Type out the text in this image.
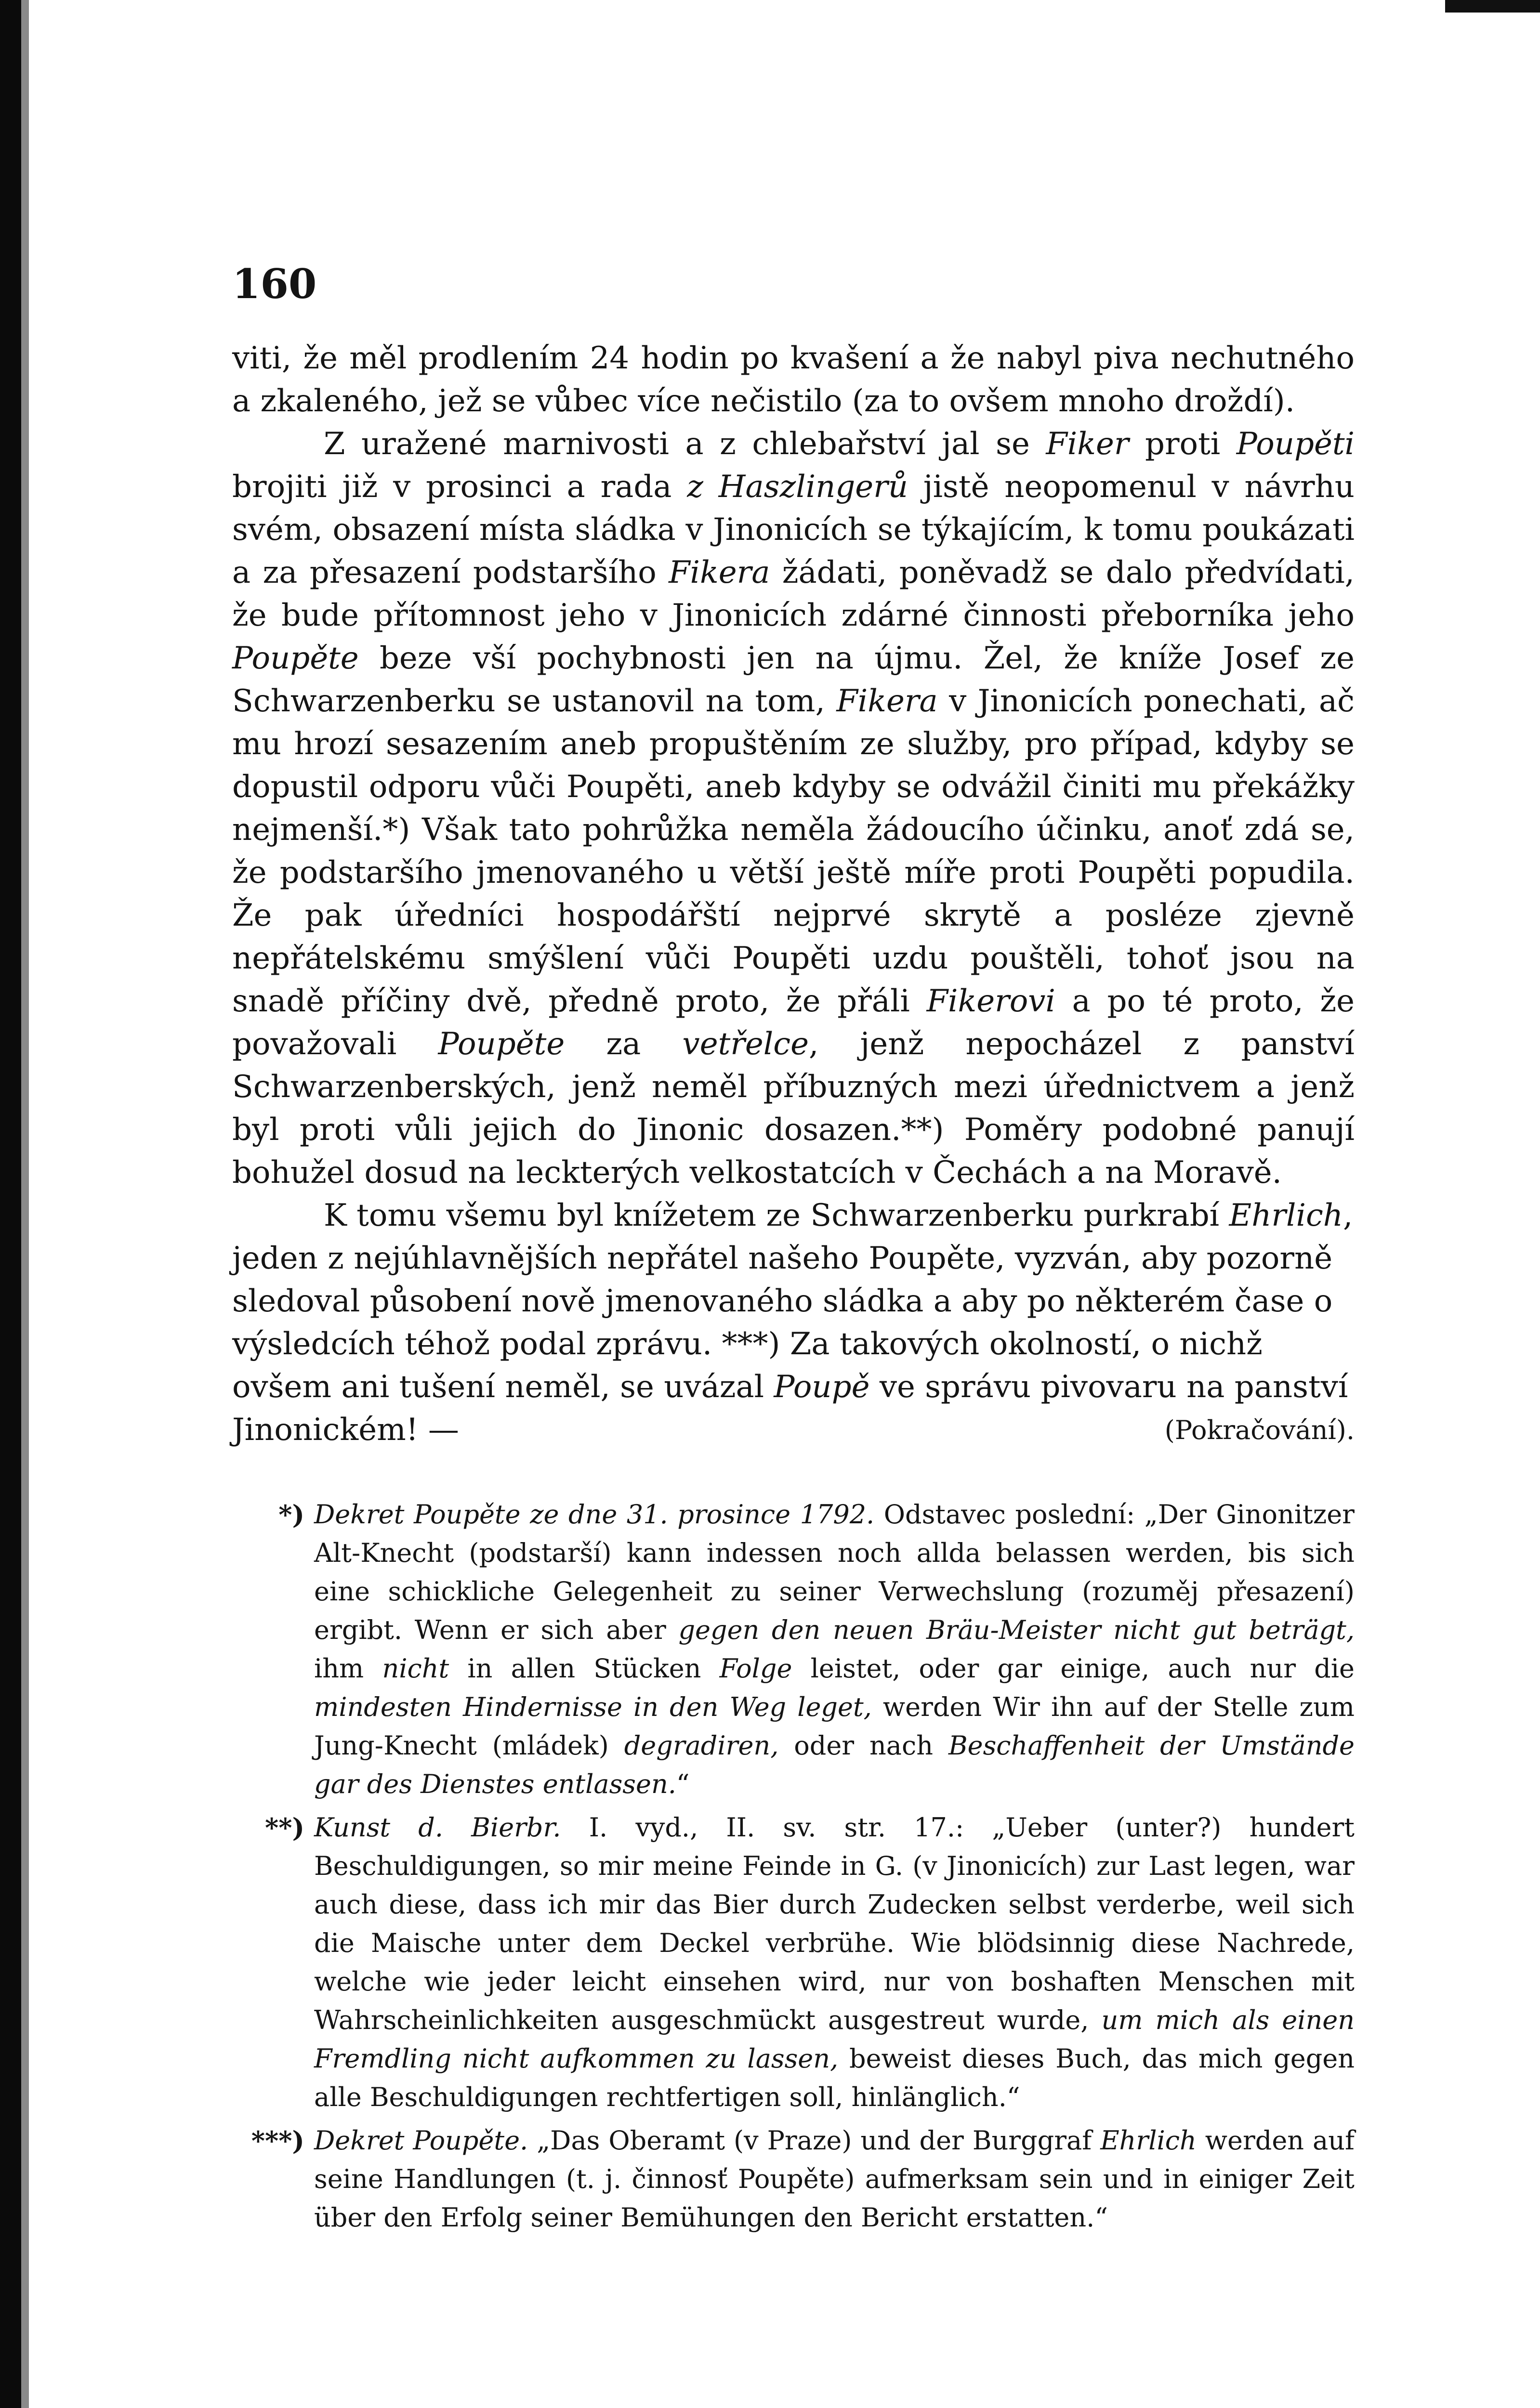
160

viti, že měl prodlením 24 hodin po kvašení a že nabyl piva nechutného a zkaleného, jež se vůbec více nečistilo (za to ovšem mnoho droždí).

Z uražené marnivosti a z chlebařství jal se Fiker proti Poupěti brojiti již v prosinci a rada z Haszlingerů jistě neopomenul v návrhu svém, obsazení místa sládka v Jinonicích se týkajícím, k tomu poukázati a za přesazení podstaršího Fikera žádati, poněvadž se dalo předvídati, že bude přítomnost jeho v Jinonicích zdárné činnosti přeborníka jeho Poupěte beze vší pochybnosti jen na újmu. Žel, že kníže Josef ze Schwarzenberku se ustanovil na tom, Fikera v Jinonicích ponechati, ač mu hrozí sesazením aneb propuštěním ze služby, pro případ, kdyby se dopustil odporu vůči Poupěti, aneb kdyby se odvážil činiti mu překážky nejmenší.*) Však tato pohrůžka neměla žádoucího účinku, anoť zdá se, že podstaršího jmenovaného u větší ještě míře proti Poupěti popudila. Že pak úředníci hospodářští nejprvé skrytě a posléze zjevně nepřátelskému smýšlení vůči Poupěti uzdu pouštěli, tohoť jsou na snadě příčiny dvě, předně proto, že přáli Fikerovi a po té proto, že považovali Poupěte za vetřelce, jenž nepocházel z panství Schwarzenberských, jenž neměl příbuzných mezi úřednictvem a jenž byl proti vůli jejich do Jinonic dosazen.**) Poměry podobné panují bohužel dosud na leckterých velkostatcích v Čechách a na Moravě.

K tomu všemu byl knížetem ze Schwarzenberku purkrabí Ehrlich, jeden z nejúhlavnějších nepřátel našeho Poupěte, vyzván, aby pozorně sledoval působení nově jmenovaného sládka a aby po některém čase o výsledcích téhož podal zprávu. ***) Za takových okolností, o nichž ovšem ani tušení neměl, se uvázal Poupě ve správu pivovaru na panství Jinonickém! —	(Pokračování).

*) Dekret Poupěte ze dne 31. prosince 1792. Odstavec poslední: „Der Ginonitzer Alt-Knecht (podstarší) kann indessen noch allda belassen werden, bis sich eine schickliche Gelegenheit zu seiner Verwechslung (rozuměj přesazení) ergibt. Wenn er sich aber gegen den neuen Bräu-Meister nicht gut beträgt, ihm nicht in allen Stücken Folge leistet, oder gar einige, auch nur die mindesten Hindernisse in den Weg leget, werden Wir ihn auf der Stelle zum Jung-Knecht (mládek) degradiren, oder nach Beschaffenheit der Umstände gar des Dienstes entlassen.“
**) Kunst d. Bierbr. I. vyd., II. sv. str. 17.: „Ueber (unter?) hundert Beschuldigungen, so mir meine Feinde in G. (v Jinonicích) zur Last legen, war auch diese, dass ich mir das Bier durch Zudecken selbst verderbe, weil sich die Maische unter dem Deckel verbrühe. Wie blödsinnig diese Nachrede, welche wie jeder leicht einsehen wird, nur von boshaften Menschen mit Wahrscheinlichkeiten ausgeschmückt ausgestreut wurde, um mich als einen Fremdling nicht aufkommen zu lassen, beweist dieses Buch, das mich gegen alle Beschuldigungen rechtfertigen soll, hinlänglich.“
***) Dekret Poupěte. „Das Oberamt (v Praze) und der Burggraf Ehrlich werden auf seine Handlungen (t. j. činnosť Poupěte) aufmerksam sein und in einiger Zeit über den Erfolg seiner Bemühungen den Bericht erstatten.“
